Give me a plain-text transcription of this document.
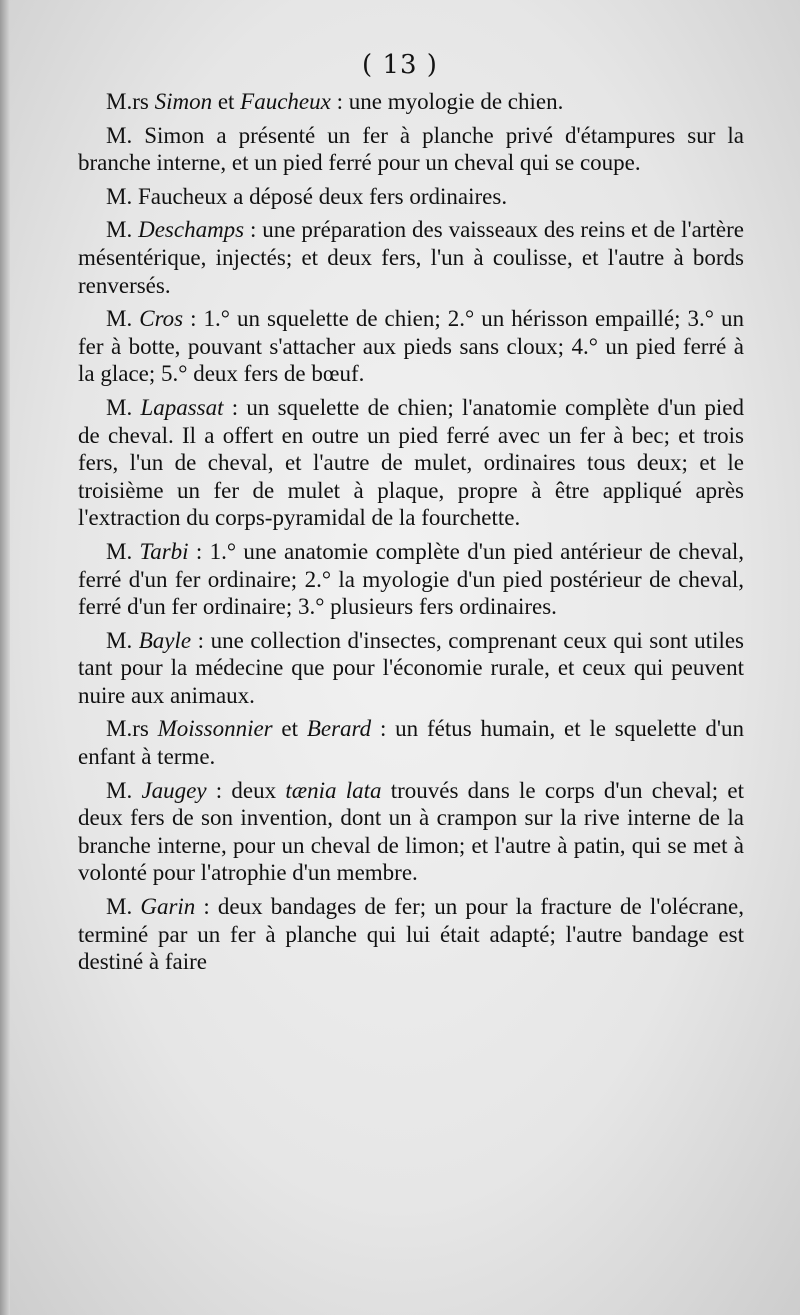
( 13 )

M.rs Simon et Faucheux : une myologie de chien.

M. Simon a présenté un fer à planche privé d'étampures sur la branche interne, et un pied ferré pour un cheval qui se coupe.

M. Faucheux a déposé deux fers ordinaires.

M. Deschamps : une préparation des vaisseaux des reins et de l'artère mésentérique, injectés; et deux fers, l'un à coulisse, et l'autre à bords renversés.

M. Cros : 1.° un squelette de chien; 2.° un hérisson empaillé; 3.° un fer à botte, pouvant s'attacher aux pieds sans cloux; 4.° un pied ferré à la glace; 5.° deux fers de bœuf.

M. Lapassat : un squelette de chien; l'anatomie complète d'un pied de cheval. Il a offert en outre un pied ferré avec un fer à bec; et trois fers, l'un de cheval, et l'autre de mulet, ordinaires tous deux; et le troisième un fer de mulet à plaque, propre à être appliqué après l'extraction du corps-pyramidal de la fourchette.

M. Tarbi : 1.° une anatomie complète d'un pied antérieur de cheval, ferré d'un fer ordinaire; 2.° la myologie d'un pied postérieur de cheval, ferré d'un fer ordinaire; 3.° plusieurs fers ordinaires.

M. Bayle : une collection d'insectes, comprenant ceux qui sont utiles tant pour la médecine que pour l'économie rurale, et ceux qui peuvent nuire aux animaux.

M.rs Moissonnier et Berard : un fétus humain, et le squelette d'un enfant à terme.

M. Jaugey : deux tænia lata trouvés dans le corps d'un cheval; et deux fers de son invention, dont un à crampon sur la rive interne de la branche interne, pour un cheval de limon; et l'autre à patin, qui se met à volonté pour l'atrophie d'un membre.

M. Garin : deux bandages de fer; un pour la fracture de l'olécrane, terminé par un fer à planche qui lui était adapté; l'autre bandage est destiné à faire
